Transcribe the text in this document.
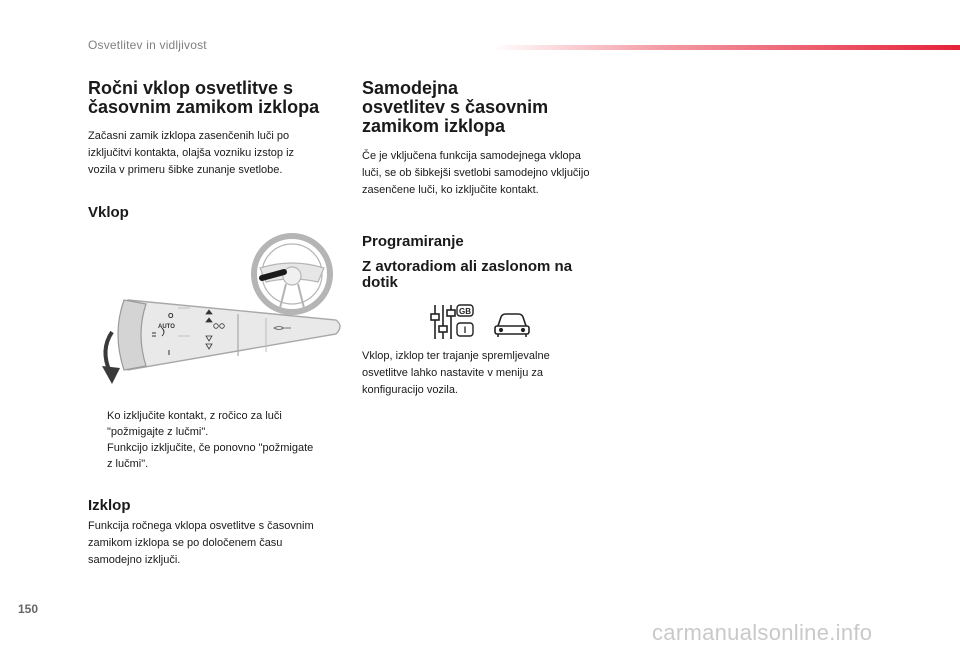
Osvetlitev in vidljivost
Ročni vklop osvetlitve s
časovnim zamikom izklopa
Začasni zamik izklopa zasenčenih luči po
izključitvi kontakta, olajša vozniku izstop iz
vozila v primeru šibke zunanje svetlobe.
Vklop
O
AUTO
I
Ko izključite kontakt, z ročico za luči
"požmigajte z lučmi".
Funkcijo izključite, če ponovno "požmigate
z lučmi".
Izklop
Funkcija ročnega vklopa osvetlitve s časovnim
zamikom izklopa se po določenem času
samodejno izključi.
Samodejna
osvetlitev s časovnim
zamikom izklopa
Če je vključena funkcija samodejnega vklopa
luči, se ob šibkejši svetlobi samodejno vključijo
zasenčene luči, ko izključite kontakt.
Programiranje
Z avtoradiom ali zaslonom na
dotik
GB
I
Vklop, izklop ter trajanje spremljevalne
osvetlitve lahko nastavite v meniju za
konfiguracijo vozila.
150
carmanualsonline.info
